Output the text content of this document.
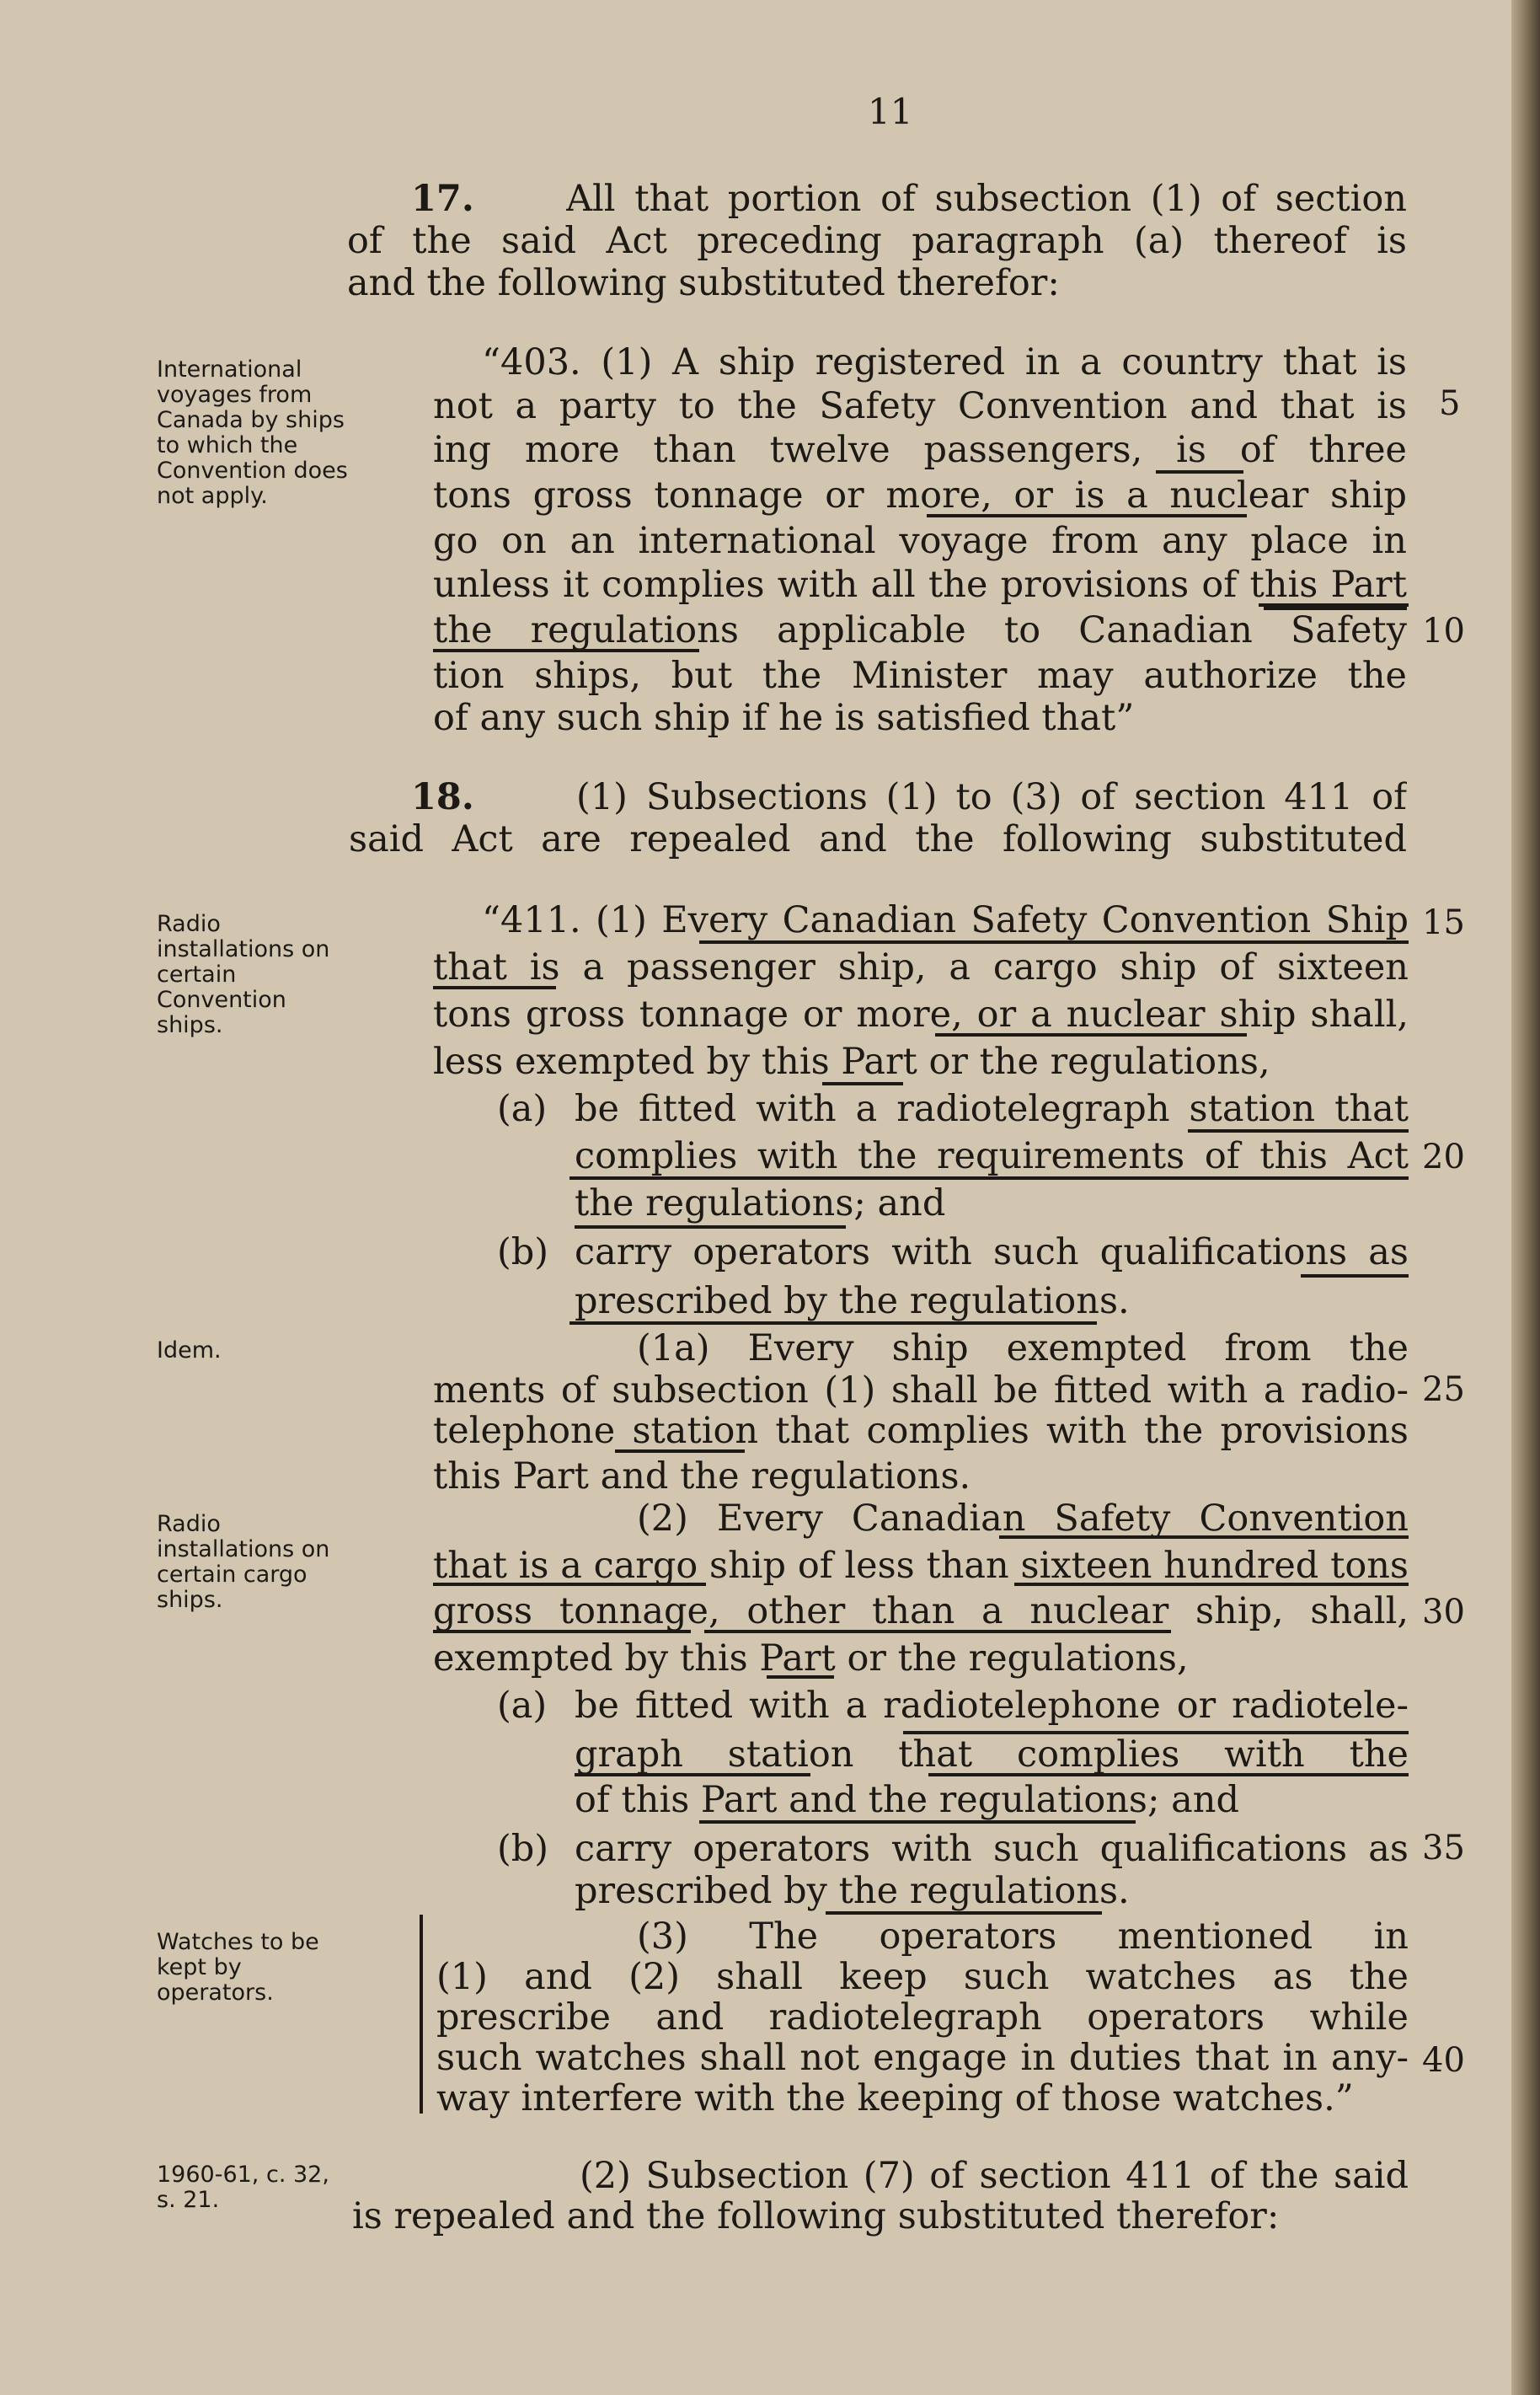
11
17.	All that portion of subsection (1) of section
of the said Act preceding paragraph (a) thereof is
and the following substituted therefor:
International voyages from Canada by ships to which the Convention does not apply.
“403. (1) A ship registered in a country that is
not a party to the Safety Convention and that is
ing more than twelve passengers, is of three
tons gross tonnage or more, or is a nuclear ship
go on an international voyage from any place in
unless it complies with all the provisions of this Part
the regulations applicable to Canadian Safety
tion ships, but the Minister may authorize the
of any such ship if he is satisfied that”
18.	(1) Subsections (1) to (3) of section 411 of
said Act are repealed and the following substituted
Radio installations on certain Convention ships.
“411. (1) Every Canadian Safety Convention Ship
that is a passenger ship, a cargo ship of sixteen
tons gross tonnage or more, or a nuclear ship shall,
less exempted by this Part or the regulations,
(a) be fitted with a radiotelegraph station that
complies with the requirements of this Act
the regulations; and
(b) carry operators with such qualifications as
prescribed by the regulations.
Idem.	(1a) Every ship exempted from the
ments of subsection (1) shall be fitted with a radio-
telephone station that complies with the provisions
this Part and the regulations.
Radio installations on certain cargo ships.
(2) Every Canadian Safety Convention
that is a cargo ship of less than sixteen hundred tons
gross tonnage, other than a nuclear ship, shall,
exempted by this Part or the regulations,
(a) be fitted with a radiotelephone or radiotele-
graph station that complies with the
of this Part and the regulations; and
(b) carry operators with such qualifications as
prescribed by the regulations.
Watches to be kept by operators.
(3) The operators mentioned in
(1) and (2) shall keep such watches as the
prescribe and radiotelegraph operators while
such watches shall not engage in duties that in any-
way interfere with the keeping of those watches.”
1960-61, c. 32, s. 21.
(2) Subsection (7) of section 411 of the said
is repealed and the following substituted therefor:
5
10
15
20
25
30
35
40
